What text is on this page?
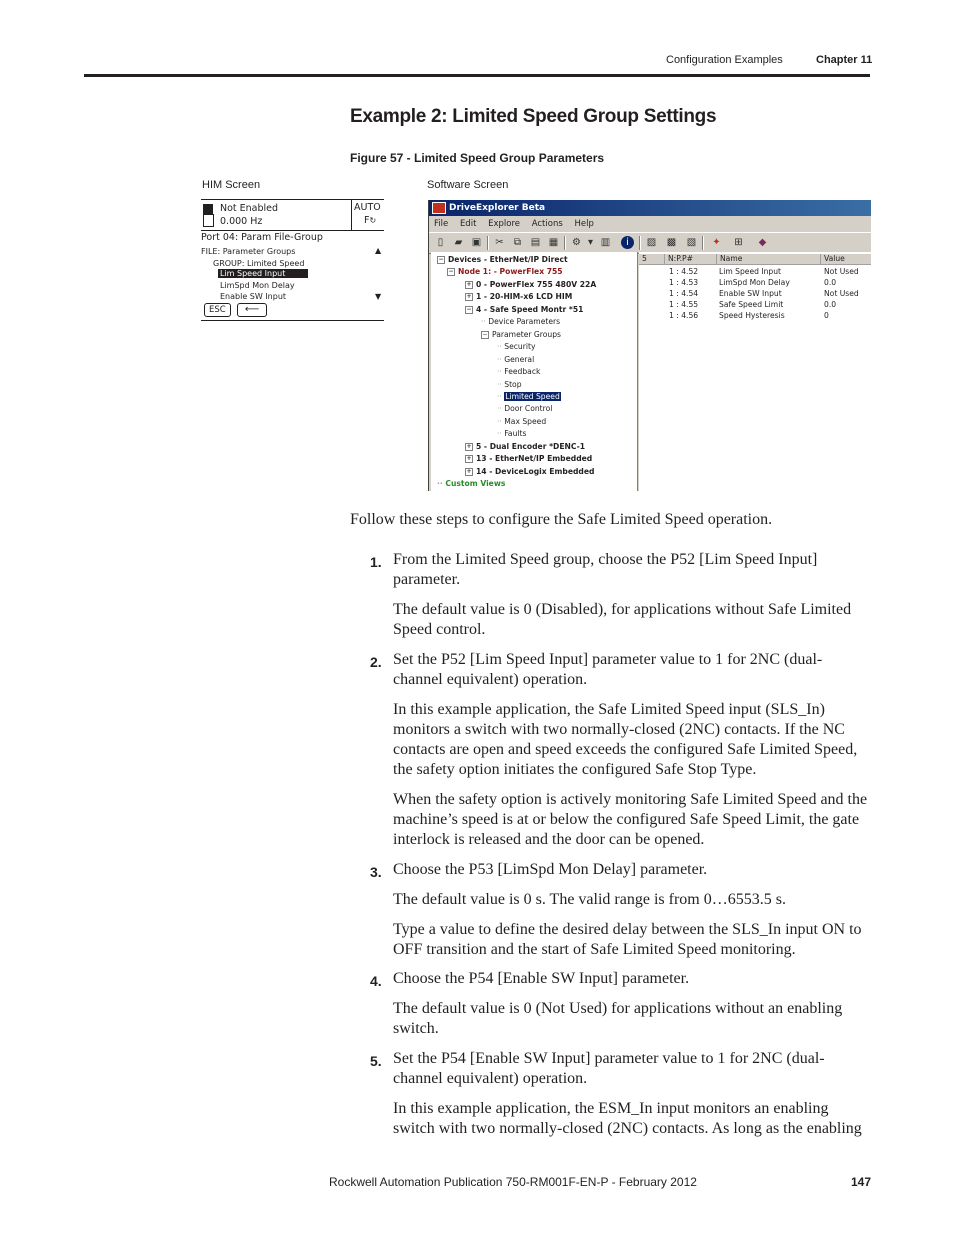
Configuration Examples	Chapter 11
Example 2: Limited Speed Group Settings
Figure 57 - Limited Speed Group Parameters
HIM Screen	Software Screen
Not Enabled
0.000 Hz
AUTO
F↻
Port 04: Param File-Group
FILE: Parameter Groups	▲
GROUP: Limited Speed
Lim Speed Input
LimSpd Mon Delay
Enable SW Input	▼
ESC	⟵
DriveExplorer Beta
File Edit Explore Actions Help
▯	▰ ▣ ✂ ⧉ ▤ ▦ ⚙ ▾ ▥	i	▨ ▩ ▧ ✦ ⊞ ◆
− Devices - EtherNet/IP Direct
− Node 1: - PowerFlex 755
+ 0 - PowerFlex 755 480V 22A
+ 1 - 20-HIM-x6 LCD HIM
− 4 - Safe Speed Montr *51
·· Device Parameters
− Parameter Groups
·· Security
·· General
·· Feedback
·· Stop
·· Limited Speed
·· Door Control
·· Max Speed
·· Faults
+ 5 - Dual Encoder *DENC-1
+ 13 - EtherNet/IP Embedded
+ 14 - DeviceLogix Embedded
·· Custom Views
5	N:P.P#	Name	Value
1 : 4.52	Lim Speed Input	Not Used
1 : 4.53	LimSpd Mon Delay	0.0
1 : 4.54	Enable SW Input	Not Used
1 : 4.55	Safe Speed Limit	0.0
1 : 4.56	Speed Hysteresis	0
Follow these steps to configure the Safe Limited Speed operation.
1. From the Limited Speed group, choose the P52 [Lim Speed Input] parameter.
The default value is 0 (Disabled), for applications without Safe Limited Speed control.
2. Set the P52 [Lim Speed Input] parameter value to 1 for 2NC (dual-channel equivalent) operation.
In this example application, the Safe Limited Speed input (SLS_In) monitors a switch with two normally-closed (2NC) contacts. If the NC contacts are open and speed exceeds the configured Safe Limited Speed, the safety option initiates the configured Safe Stop Type.
When the safety option is actively monitoring Safe Limited Speed and the machine’s speed is at or below the configured Safe Speed Limit, the gate interlock is released and the door can be opened.
3. Choose the P53 [LimSpd Mon Delay] parameter.
The default value is 0 s. The valid range is from 0…6553.5 s.
Type a value to define the desired delay between the SLS_In input ON to OFF transition and the start of Safe Limited Speed monitoring.
4. Choose the P54 [Enable SW Input] parameter.
The default value is 0 (Not Used) for applications without an enabling switch.
5. Set the P54 [Enable SW Input] parameter value to 1 for 2NC (dual-channel equivalent) operation.
In this example application, the ESM_In input monitors an enabling switch with two normally-closed (2NC) contacts. As long as the enabling
Rockwell Automation Publication 750-RM001F-EN-P - February 2012	147
